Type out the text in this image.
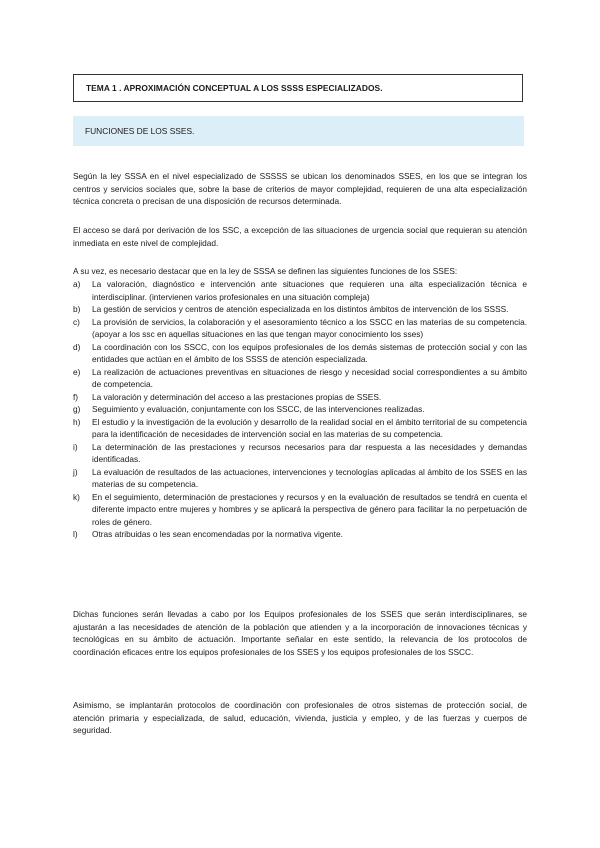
TEMA 1 . APROXIMACIÓN CONCEPTUAL A LOS SSSS ESPECIALIZADOS.
FUNCIONES DE LOS SSES.

Según la ley SSSA en el nivel especializado de SSSSS se ubican los denominados SSES, en los que se integran los centros y servicios sociales que, sobre la base de criterios de mayor complejidad, requieren de una alta especialización técnica concreta o precisan de una disposición de recursos determinada.

El acceso se dará por derivación de los SSC, a excepción de las situaciones de urgencia social que requieran su atención inmediata en este nivel de complejidad.

A su vez, es necesario destacar que en la ley de SSSA se definen las siguientes funciones de los SSES:

a)	La valoración, diagnóstico e intervención ante situaciones que requieren una alta especialización técnica e interdisciplinar. (intervienen varios profesionales en una situación compleja)
b)	La gestión de servicios y centros de atención especializada en los distintos ámbitos de intervención de los SSSS.
c)	La provisión de servicios, la colaboración y el asesoramiento técnico a los SSCC en las materias de su competencia. (apoyar a los ssc en aquellas situaciones en las que tengan mayor conocimiento los sses)
d)	La coordinación con los SSCC, con los equipos profesionales de los demás sistemas de protección social y con las entidades que actúan en el ámbito de los SSSS de atención especializada.
e)	La realización de actuaciones preventivas en situaciones de riesgo y necesidad social correspondientes a su ámbito de competencia.
f)	La valoración y determinación del acceso a las prestaciones propias de SSES.
g)	Seguimiento y evaluación, conjuntamente con los SSCC, de las intervenciones realizadas.
h)	El estudio y la investigación de la evolución y desarrollo de la realidad social en el ámbito territorial de su competencia para la identificación de necesidades de intervención social en las materias de su competencia.
i)	La determinación de las prestaciones y recursos necesarios para dar respuesta a las necesidades y demandas identificadas.
j)	La evaluación de resultados de las actuaciones, intervenciones y tecnologías aplicadas al ámbito de los SSES en las materias de su competencia.
k)	En el seguimiento, determinación de prestaciones y recursos y en la evaluación de resultados se tendrá en cuenta el diferente impacto entre mujeres y hombres y se aplicará la perspectiva de género para facilitar la no perpetuación de roles de género.
l)	Otras atribuidas o les sean encomendadas por la normativa vigente.

Dichas funciones serán llevadas a cabo por los Equipos profesionales de los SSES que serán interdisciplinares, se ajustarán a las necesidades de atención de la población que atienden y a la incorporación de innovaciones técnicas y tecnológicas en su ámbito de actuación. Importante señalar en este sentido, la relevancia de los protocolos de coordinación eficaces entre los equipos profesionales de los SSES y los equipos profesionales de los SSCC.

Asimismo, se implantarán protocolos de coordinación con profesionales de otros sistemas de protección social, de atención primaria y especializada, de salud, educación, vivienda, justicia y empleo, y de las fuerzas y cuerpos de seguridad.
